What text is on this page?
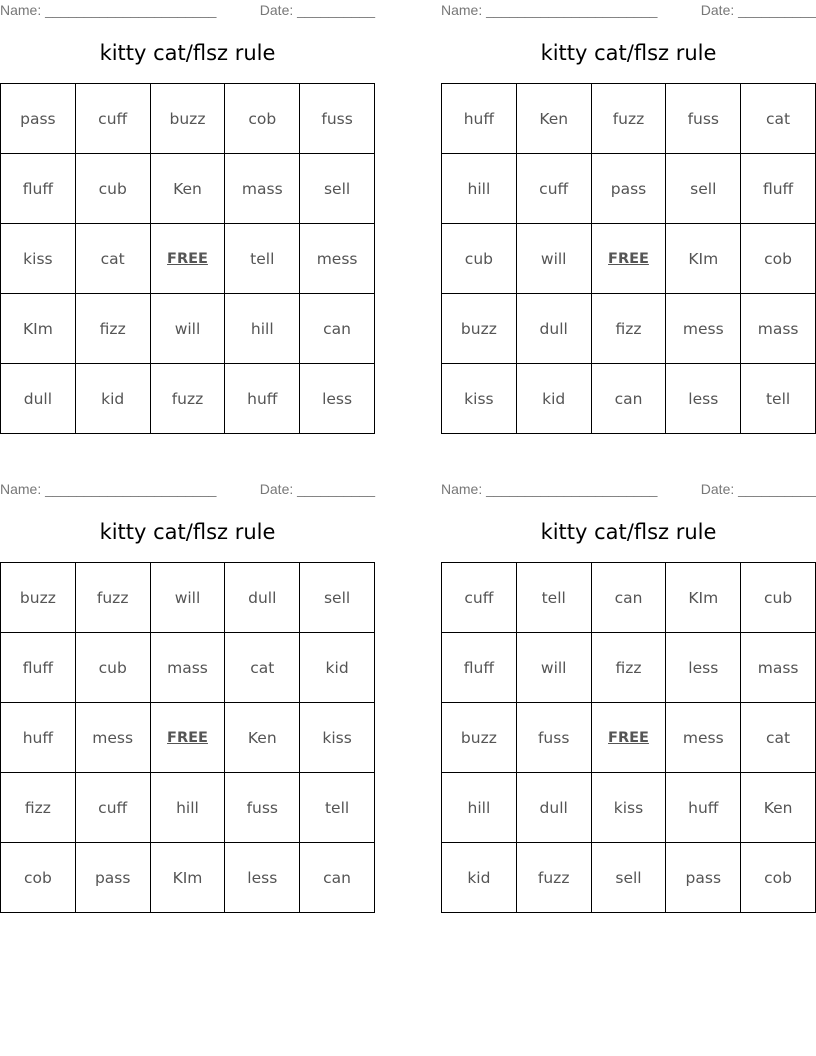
Name: ______________________	Date: __________
kitty cat/flsz rule
pass	cuff	buzz	cob	fuss
fluff	cub	Ken	mass	sell
kiss	cat	FREE	tell	mess
KIm	fizz	will	hill	can
dull	kid	fuzz	huff	less
Name: ______________________	Date: __________
kitty cat/flsz rule
huff	Ken	fuzz	fuss	cat
hill	cuff	pass	sell	fluff
cub	will	FREE	KIm	cob
buzz	dull	fizz	mess	mass
kiss	kid	can	less	tell
Name: ______________________	Date: __________
kitty cat/flsz rule
buzz	fuzz	will	dull	sell
fluff	cub	mass	cat	kid
huff	mess	FREE	Ken	kiss
fizz	cuff	hill	fuss	tell
cob	pass	KIm	less	can
Name: ______________________	Date: __________
kitty cat/flsz rule
cuff	tell	can	KIm	cub
fluff	will	fizz	less	mass
buzz	fuss	FREE	mess	cat
hill	dull	kiss	huff	Ken
kid	fuzz	sell	pass	cob
